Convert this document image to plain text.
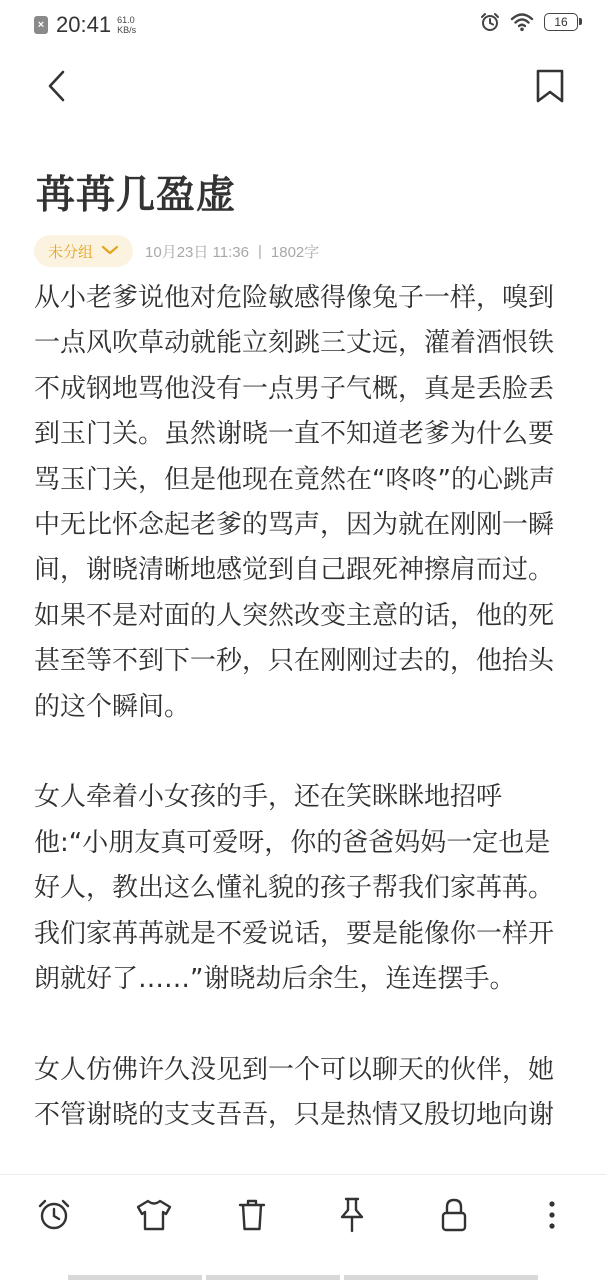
× 20:41 61.0
KB/s
16
苒苒几盈虚
未分组	10月23日 11:36 | 1802字

从小老爹说他对危险敏感得像兔子一样，嗅到一点风吹草动就能立刻跳三丈远，灌着酒恨铁不成钢地骂他没有一点男子气概，真是丢脸丢到玉门关。虽然谢晓一直不知道老爹为什么要骂玉门关，但是他现在竟然在“咚咚”的心跳声中无比怀念起老爹的骂声，因为就在刚刚一瞬间，谢晓清晰地感觉到自己跟死神擦肩而过。如果不是对面的人突然改变主意的话，他的死甚至等不到下一秒，只在刚刚过去的，他抬头的这个瞬间。

女人牵着小女孩的手，还在笑眯眯地招呼他:“小朋友真可爱呀，你的爸爸妈妈一定也是好人，教出这么懂礼貌的孩子帮我们家苒苒。我们家苒苒就是不爱说话，要是能像你一样开朗就好了……”谢晓劫后余生，连连摆手。

女人仿佛许久没见到一个可以聊天的伙伴，她不管谢晓的支支吾吾，只是热情又殷切地向谢
